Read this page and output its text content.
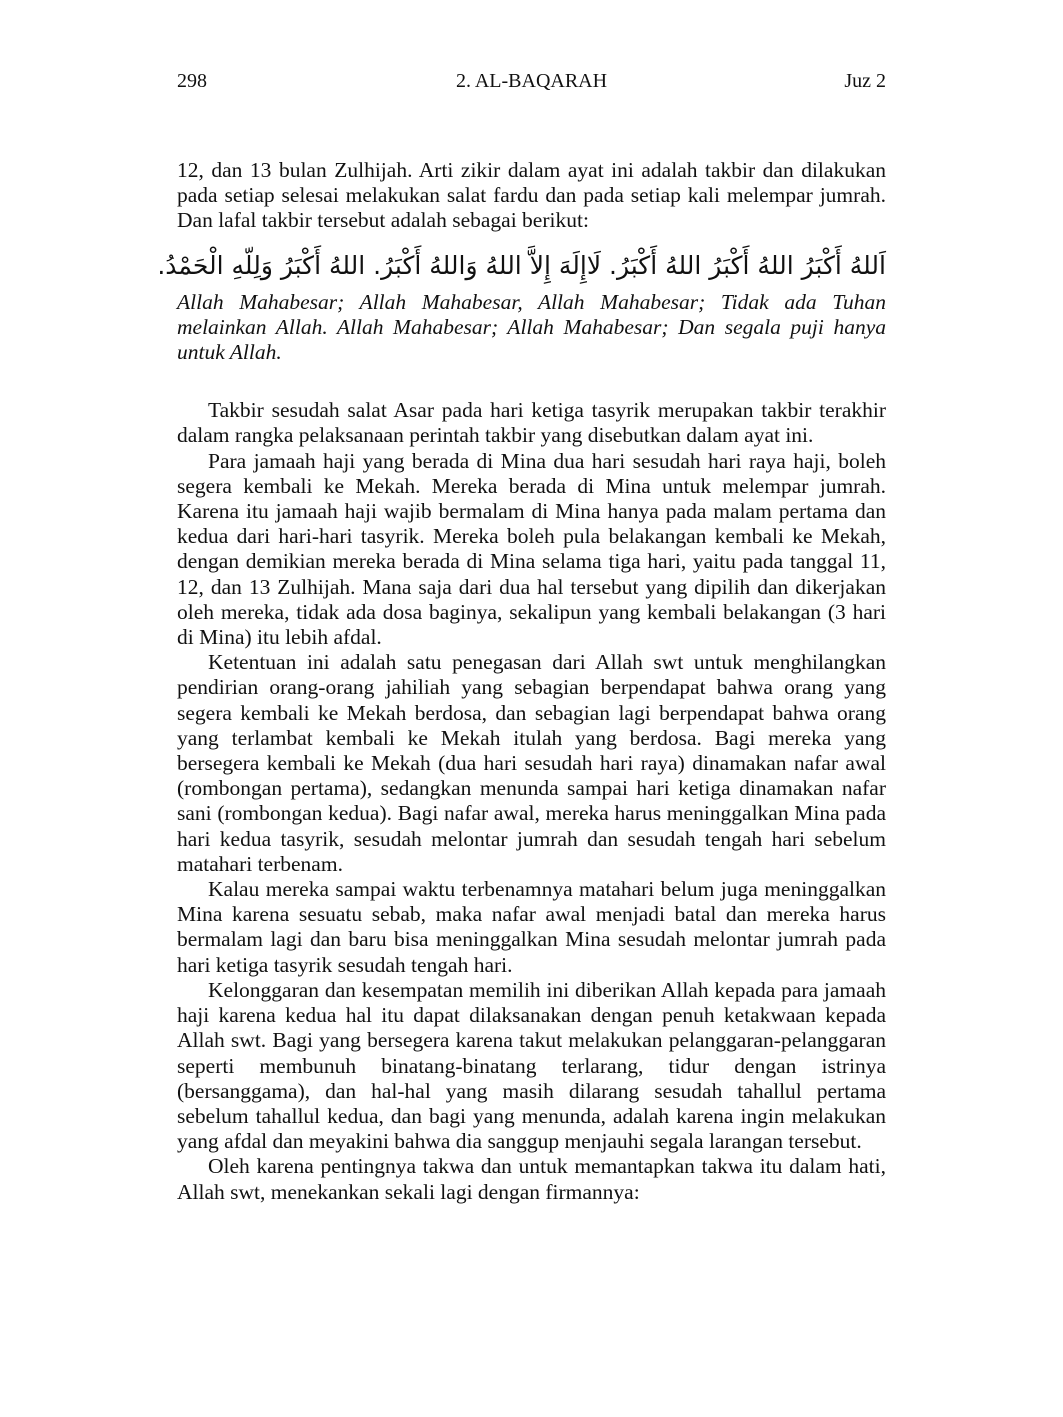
298	2. AL-BAQARAH	Juz 2

12, dan 13 bulan Zulhijah. Arti zikir dalam ayat ini adalah takbir dan dilakukan pada setiap selesai melakukan salat fardu dan pada setiap kali melempar jumrah. Dan lafal takbir tersebut adalah sebagai berikut:

اَللهُ أَكْبَرُ اللهُ أَكْبَرُ اللهُ أَكْبَرُ. لَاإِلَهَ إِلاَّ اللهُ وَاللهُ أَكْبَرُ. اللهُ أَكْبَرُ وَلِلّهِ الْحَمْدُ.

Allah Mahabesar; Allah Mahabesar, Allah Mahabesar; Tidak ada Tuhan melainkan Allah. Allah Mahabesar; Allah Mahabesar; Dan segala puji hanya untuk Allah.

Takbir sesudah salat Asar pada hari ketiga tasyrik merupakan takbir terakhir dalam rangka pelaksanaan perintah takbir yang disebutkan dalam ayat ini.

Para jamaah haji yang berada di Mina dua hari sesudah hari raya haji, boleh segera kembali ke Mekah. Mereka berada di Mina untuk melempar jumrah. Karena itu jamaah haji wajib bermalam di Mina hanya pada malam pertama dan kedua dari hari-hari tasyrik. Mereka boleh pula belakangan kembali ke Mekah, dengan demikian mereka berada di Mina selama tiga hari, yaitu pada tanggal 11, 12, dan 13 Zulhijah. Mana saja dari dua hal tersebut yang dipilih dan dikerjakan oleh mereka, tidak ada dosa baginya, sekalipun yang kembali belakangan (3 hari di Mina) itu lebih afdal.

Ketentuan ini adalah satu penegasan dari Allah swt untuk menghilangkan pendirian orang-orang jahiliah yang sebagian berpendapat bahwa orang yang segera kembali ke Mekah berdosa, dan sebagian lagi berpendapat bahwa orang yang terlambat kembali ke Mekah itulah yang berdosa. Bagi mereka yang bersegera kembali ke Mekah (dua hari sesudah hari raya) dinamakan nafar awal (rombongan pertama), sedangkan menunda sampai hari ketiga dinamakan nafar sani (rombongan kedua). Bagi nafar awal, mereka harus meninggalkan Mina pada hari kedua tasyrik, sesudah melontar jumrah dan sesudah tengah hari sebelum matahari terbenam.

Kalau mereka sampai waktu terbenamnya matahari belum juga meninggalkan Mina karena sesuatu sebab, maka nafar awal menjadi batal dan mereka harus bermalam lagi dan baru bisa meninggalkan Mina sesudah melontar jumrah pada hari ketiga tasyrik sesudah tengah hari.

Kelonggaran dan kesempatan memilih ini diberikan Allah kepada para jamaah haji karena kedua hal itu dapat dilaksanakan dengan penuh ketakwaan kepada Allah swt. Bagi yang bersegera karena takut melakukan pelanggaran-pelanggaran seperti membunuh binatang-binatang terlarang, tidur dengan istrinya (bersanggama), dan hal-hal yang masih dilarang sesudah tahallul pertama sebelum tahallul kedua, dan bagi yang menunda, adalah karena ingin melakukan yang afdal dan meyakini bahwa dia sanggup menjauhi segala larangan tersebut.

Oleh karena pentingnya takwa dan untuk memantapkan takwa itu dalam hati, Allah swt, menekankan sekali lagi dengan firmannya:
